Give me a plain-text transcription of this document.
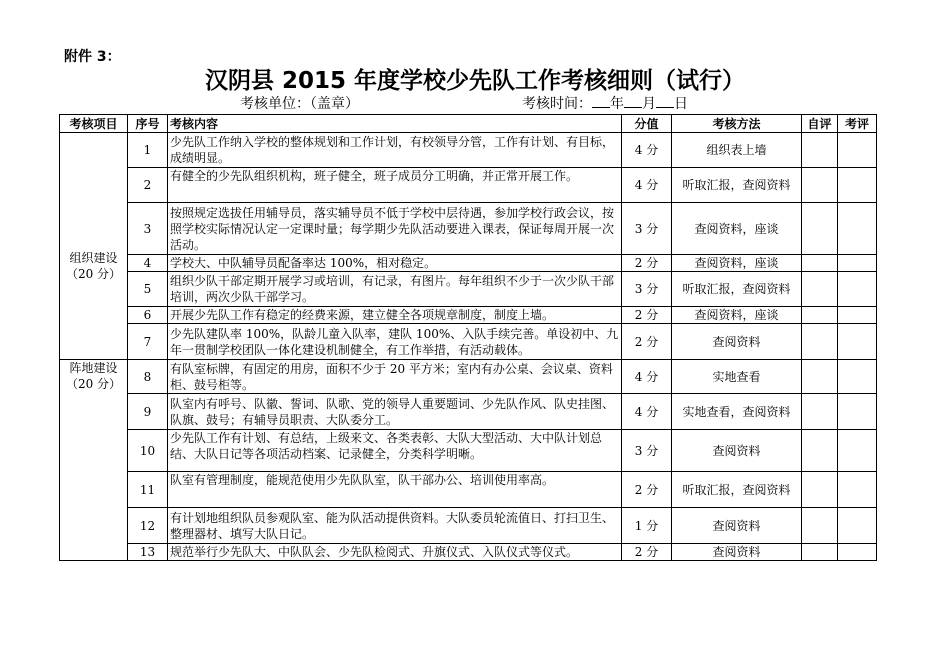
附件 3：
汉阴县 2015 年度学校少先队工作考核细则（试行）
考核单位：（盖章）	考核时间： 年 月 日
考核项目	序号	考核内容	分值	考核方法	自评	考评

组织建设
（20 分）	1	少先队工作纳入学校的整体规划和工作计划，有校领导分管，工作有计划、有目标，成绩明显。	4 分	组织表上墙		
	2	有健全的少先队组织机构，班子健全，班子成员分工明确，并正常开展工作。	4 分	听取汇报，查阅资料		
	3	按照规定选拔任用辅导员，落实辅导员不低于学校中层待遇，参加学校行政会议，按照学校实际情况认定一定课时量；每学期少先队活动要进入课表，保证每周开展一次活动。	3 分	查阅资料，座谈		
	4	学校大、中队辅导员配备率达 100%，相对稳定。	2 分	查阅资料，座谈		
	5	组织少队干部定期开展学习或培训，有记录，有图片。每年组织不少于一次少队干部培训，两次少队干部学习。	3 分	听取汇报，查阅资料		
	6	开展少先队工作有稳定的经费来源，建立健全各项规章制度，制度上墙。	2 分	查阅资料，座谈		
	7	少先队建队率 100%，队龄儿童入队率，建队 100%、入队手续完善。单设初中、九年一贯制学校团队一体化建设机制健全，有工作举措，有活动载体。	2 分	查阅资料		

阵地建设
（20 分）	8	有队室标牌，有固定的用房，面积不少于 20 平方米；室内有办公桌、会议桌、资料柜、鼓号柜等。	4 分	实地查看		
	9	队室内有呼号、队徽、誓词、队歌、党的领导人重要题词、少先队作风、队史挂图、队旗、鼓号；有辅导员职责、大队委分工。	4 分	实地查看，查阅资料		
	10	少先队工作有计划、有总结，上级来文、各类表彰、大队大型活动、大中队计划总结、大队日记等各项活动档案、记录健全，分类科学明晰。	3 分	查阅资料		
	11	队室有管理制度，能规范使用少先队队室，队干部办公、培训使用率高。	2 分	听取汇报，查阅资料		
	12	有计划地组织队员参观队室、能为队活动提供资料。大队委员轮流值日、打扫卫生、整理器材、填写大队日记。	1 分	查阅资料		
	13	规范举行少先队大、中队队会、少先队检阅式、升旗仪式、入队仪式等仪式。	2 分	查阅资料		
